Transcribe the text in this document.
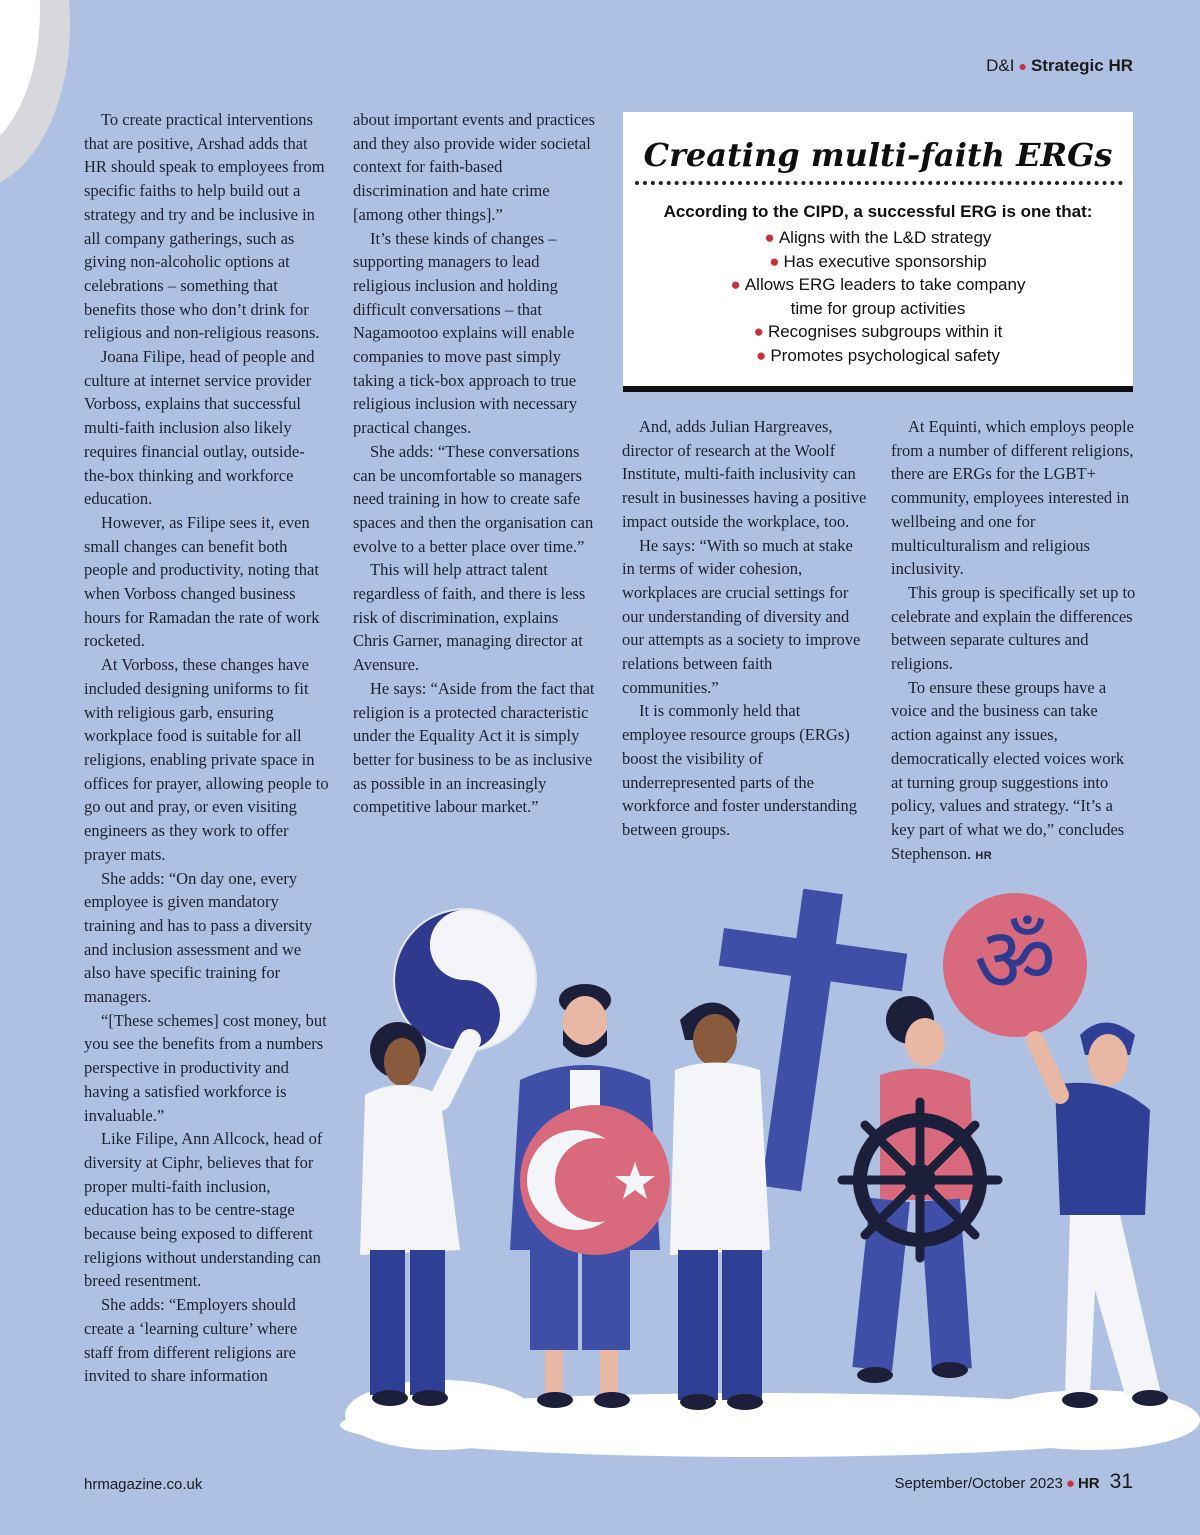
D&I ● Strategic HR

To create practical interventions that are positive, Arshad adds that HR should speak to employees from specific faiths to help build out a strategy and try and be inclusive in all company gatherings, such as giving non-alcoholic options at celebrations – something that benefits those who don’t drink for religious and non-religious reasons.

Joana Filipe, head of people and culture at internet service provider Vorboss, explains that successful multi-faith inclusion also likely requires financial outlay, outside-the-box thinking and workforce education.

However, as Filipe sees it, even small changes can benefit both people and productivity, noting that when Vorboss changed business hours for Ramadan the rate of work rocketed.

At Vorboss, these changes have included designing uniforms to fit with religious garb, ensuring workplace food is suitable for all religions, enabling private space in offices for prayer, allowing people to go out and pray, or even visiting engineers as they work to offer prayer mats.

She adds: “On day one, every employee is given mandatory training and has to pass a diversity and inclusion assessment and we also have specific training for managers.

“[These schemes] cost money, but you see the benefits from a numbers perspective in productivity and having a satisfied workforce is invaluable.”

Like Filipe, Ann Allcock, head of diversity at Ciphr, believes that for proper multi-faith inclusion, education has to be centre-stage because being exposed to different religions without understanding can breed resentment.

She adds: “Employers should create a ‘learning culture’ where staff from different religions are invited to share information

about important events and practices and they also provide wider societal context for faith-based discrimination and hate crime [among other things].”

It’s these kinds of changes – supporting managers to lead religious inclusion and holding difficult conversations – that Nagamootoo explains will enable companies to move past simply taking a tick-box approach to true religious inclusion with necessary practical changes.

She adds: “These conversations can be uncomfortable so managers need training in how to create safe spaces and then the organisation can evolve to a better place over time.”

This will help attract talent regardless of faith, and there is less risk of discrimination, explains Chris Garner, managing director at Avensure.

He says: “Aside from the fact that religion is a protected characteristic under the Equality Act it is simply better for business to be as inclusive as possible in an increasingly competitive labour market.”

Creating multi-faith ERGs
According to the CIPD, a successful ERG is one that:
● Aligns with the L&D strategy
● Has executive sponsorship
● Allows ERG leaders to take company
time for group activities
● Recognises subgroups within it
● Promotes psychological safety

And, adds Julian Hargreaves, director of research at the Woolf Institute, multi-faith inclusivity can result in businesses having a positive impact outside the workplace, too.

He says: “With so much at stake in terms of wider cohesion, workplaces are crucial settings for our understanding of diversity and our attempts as a society to improve relations between faith communities.”

It is commonly held that employee resource groups (ERGs) boost the visibility of underrepresented parts of the workforce and foster understanding between groups.

At Equinti, which employs people from a number of different religions, there are ERGs for the LGBT+ community, employees interested in wellbeing and one for multiculturalism and religious inclusivity.

This group is specifically set up to celebrate and explain the differences between separate cultures and religions.

To ensure these groups have a voice and the business can take action against any issues, democratically elected voices work at turning group suggestions into policy, values and strategy. “It’s a key part of what we do,” concludes Stephenson. HR

ॐ
hrmagazine.co.uk	September/October 2023 ● HR 31
